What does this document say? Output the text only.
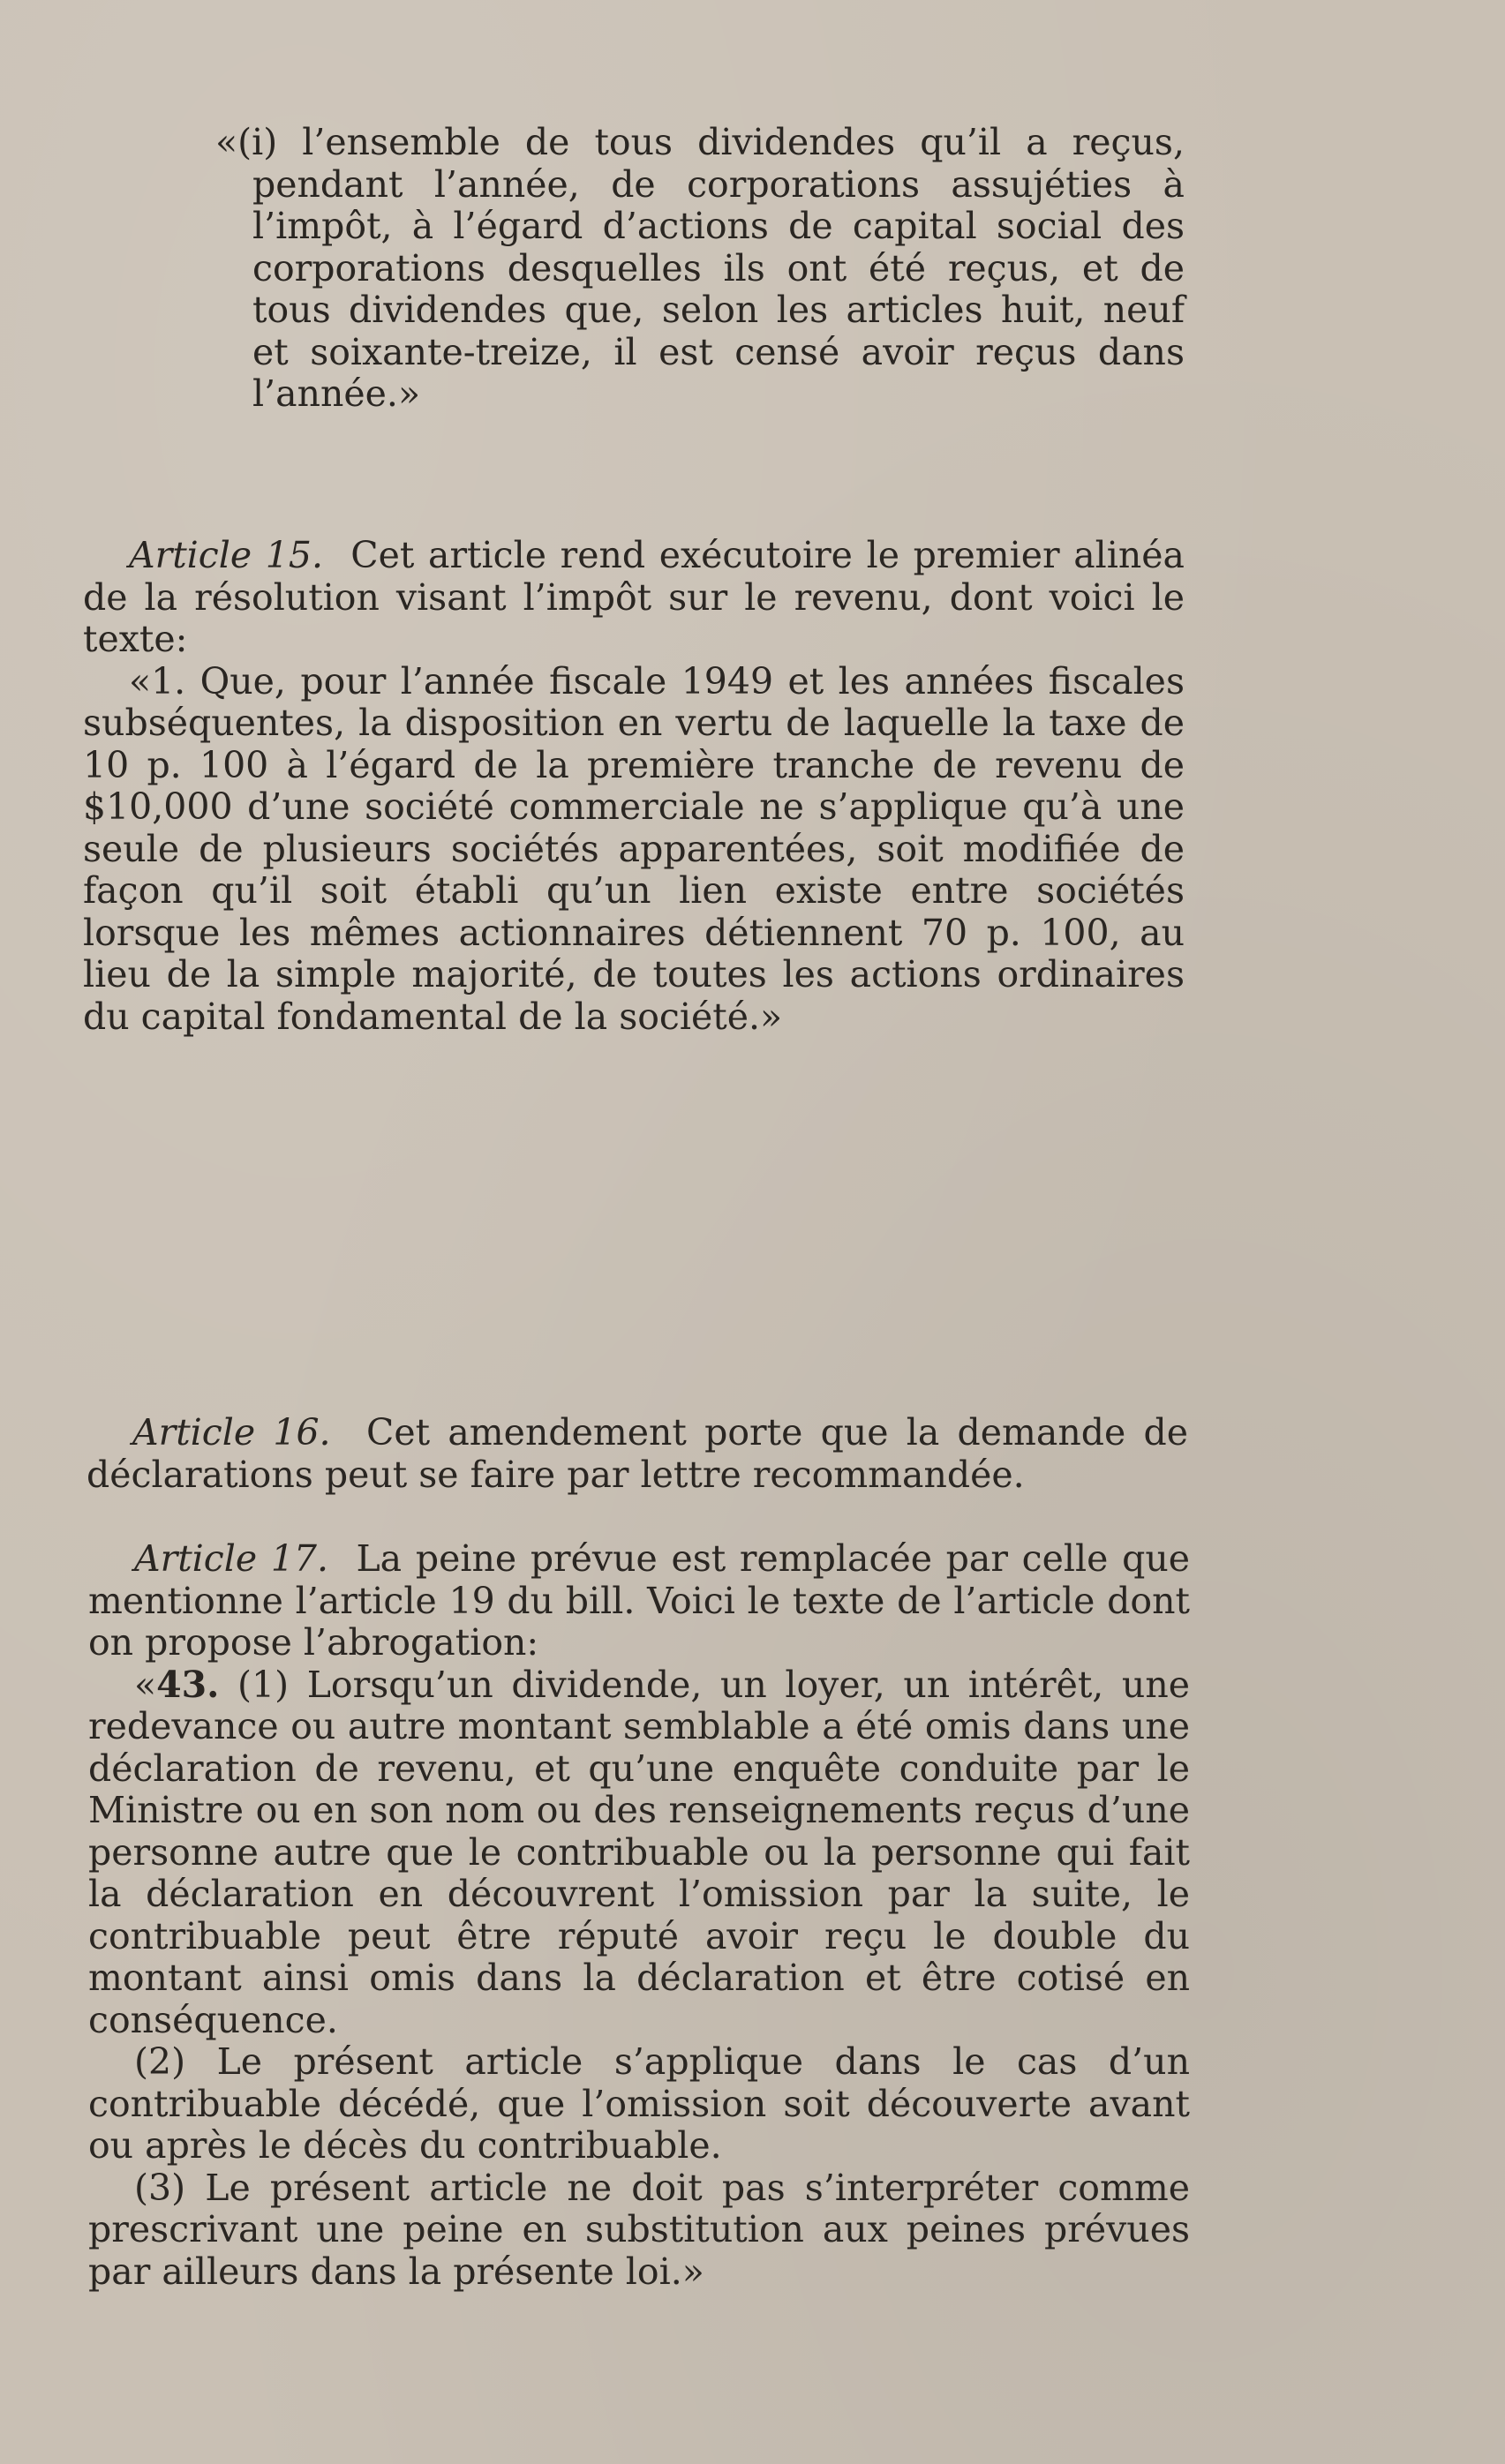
«(i) l’ensemble de tous dividendes qu’il a reçus, pendant l’année, de corporations assujéties à l’impôt, à l’égard d’actions de capital social des corporations desquelles ils ont été reçus, et de tous dividendes que, selon les articles huit, neuf et soixante-treize, il est censé avoir reçus dans l’année.»

Article 15. Cet article rend exécutoire le premier alinéa de la résolution visant l’impôt sur le revenu, dont voici le texte:

«1. Que, pour l’année fiscale 1949 et les années fiscales subséquentes, la disposition en vertu de laquelle la taxe de 10 p. 100 à l’égard de la première tranche de revenu de $10,000 d’une société commerciale ne s’applique qu’à une seule de plusieurs sociétés apparentées, soit modifiée de façon qu’il soit établi qu’un lien existe entre sociétés lorsque les mêmes actionnaires détiennent 70 p. 100, au lieu de la simple majorité, de toutes les actions ordinaires du capital fondamental de la société.»

Article 16. Cet amendement porte que la demande de déclarations peut se faire par lettre recommandée.

Article 17. La peine prévue est remplacée par celle que mentionne l’article 19 du bill. Voici le texte de l’article dont on propose l’abrogation:

«43. (1) Lorsqu’un dividende, un loyer, un intérêt, une redevance ou autre montant semblable a été omis dans une déclaration de revenu, et qu’une enquête conduite par le Ministre ou en son nom ou des renseignements reçus d’une personne autre que le contribuable ou la personne qui fait la déclaration en découvrent l’omission par la suite, le contribuable peut être réputé avoir reçu le double du montant ainsi omis dans la déclaration et être cotisé en conséquence.

(2) Le présent article s’applique dans le cas d’un contribuable décédé, que l’omission soit découverte avant ou après le décès du contribuable.

(3) Le présent article ne doit pas s’interpréter comme prescrivant une peine en substitution aux peines prévues par ailleurs dans la présente loi.»
